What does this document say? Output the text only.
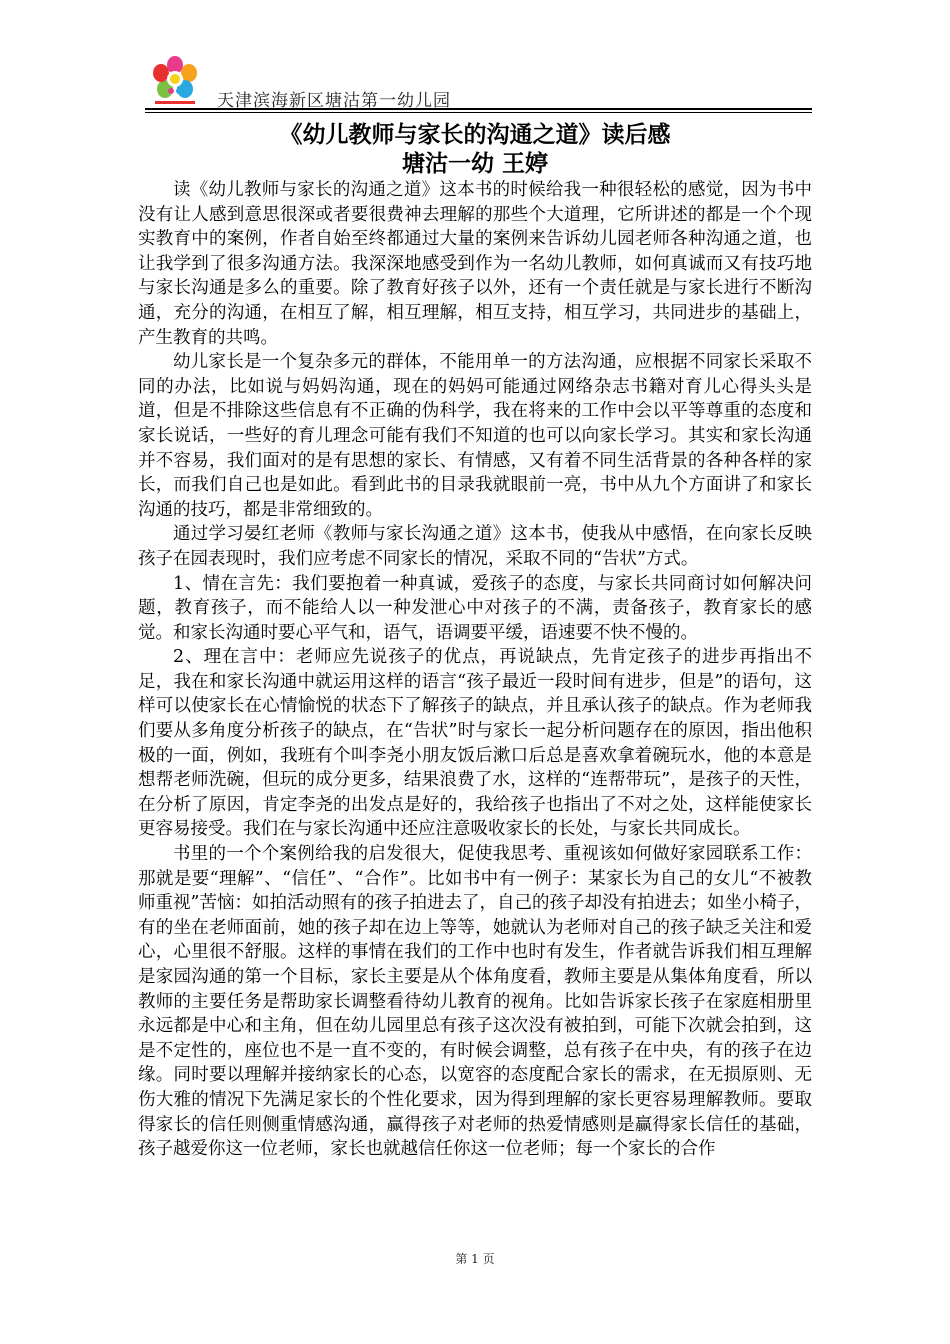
天津滨海新区塘沽第一幼儿园
《幼儿教师与家长的沟通之道》读后感
塘沽一幼 王婷

读《幼儿教师与家长的沟通之道》这本书的时候给我一种很轻松的感觉，因为书中没有让人感到意思很深或者要很费神去理解的那些个大道理，它所讲述的都是一个个现实教育中的案例，作者自始至终都通过大量的案例来告诉幼儿园老师各种沟通之道，也让我学到了很多沟通方法。我深深地感受到作为一名幼儿教师，如何真诚而又有技巧地与家长沟通是多么的重要。除了教育好孩子以外，还有一个责任就是与家长进行不断沟通，充分的沟通，在相互了解，相互理解，相互支持，相互学习，共同进步的基础上，产生教育的共鸣。

幼儿家长是一个复杂多元的群体，不能用单一的方法沟通，应根据不同家长采取不同的办法，比如说与妈妈沟通，现在的妈妈可能通过网络杂志书籍对育儿心得头头是道，但是不排除这些信息有不正确的伪科学，我在将来的工作中会以平等尊重的态度和家长说话，一些好的育儿理念可能有我们不知道的也可以向家长学习。其实和家长沟通并不容易，我们面对的是有思想的家长、有情感，又有着不同生活背景的各种各样的家长，而我们自己也是如此。看到此书的目录我就眼前一亮，书中从九个方面讲了和家长沟通的技巧，都是非常细致的。

通过学习晏红老师《教师与家长沟通之道》这本书，使我从中感悟，在向家长反映孩子在园表现时，我们应考虑不同家长的情况，采取不同的“告状”方式。

1、情在言先：我们要抱着一种真诚，爱孩子的态度，与家长共同商讨如何解决问题，教育孩子，而不能给人以一种发泄心中对孩子的不满，责备孩子，教育家长的感觉。和家长沟通时要心平气和，语气，语调要平缓，语速要不快不慢的。

2、理在言中：老师应先说孩子的优点，再说缺点，先肯定孩子的进步再指出不足，我在和家长沟通中就运用这样的语言“孩子最近一段时间有进步，但是”的语句，这样可以使家长在心情愉悦的状态下了解孩子的缺点，并且承认孩子的缺点。作为老师我们要从多角度分析孩子的缺点，在“告状”时与家长一起分析问题存在的原因，指出他积极的一面，例如，我班有个叫李尧小朋友饭后漱口后总是喜欢拿着碗玩水，他的本意是想帮老师洗碗，但玩的成分更多，结果浪费了水，这样的“连帮带玩”，是孩子的天性，在分析了原因，肯定李尧的出发点是好的，我给孩子也指出了不对之处，这样能使家长更容易接受。我们在与家长沟通中还应注意吸收家长的长处，与家长共同成长。

书里的一个个案例给我的启发很大，促使我思考、重视该如何做好家园联系工作：那就是要“理解”、“信任”、“合作”。比如书中有一例子：某家长为自己的女儿“不被教师重视”苦恼：如拍活动照有的孩子拍进去了，自己的孩子却没有拍进去；如坐小椅子，有的坐在老师面前，她的孩子却在边上等等，她就认为老师对自己的孩子缺乏关注和爱心，心里很不舒服。这样的事情在我们的工作中也时有发生，作者就告诉我们相互理解是家园沟通的第一个目标，家长主要是从个体角度看，教师主要是从集体角度看，所以教师的主要任务是帮助家长调整看待幼儿教育的视角。比如告诉家长孩子在家庭相册里永远都是中心和主角，但在幼儿园里总有孩子这次没有被拍到，可能下次就会拍到，这是不定性的，座位也不是一直不变的，有时候会调整，总有孩子在中央，有的孩子在边缘。同时要以理解并接纳家长的心态，以宽容的态度配合家长的需求，在无损原则、无伤大雅的情况下先满足家长的个性化要求，因为得到理解的家长更容易理解教师。要取得家长的信任则侧重情感沟通，赢得孩子对老师的热爱情感则是赢得家长信任的基础，孩子越爱你这一位老师，家长也就越信任你这一位老师；每一个家长的合作

第 1 页
